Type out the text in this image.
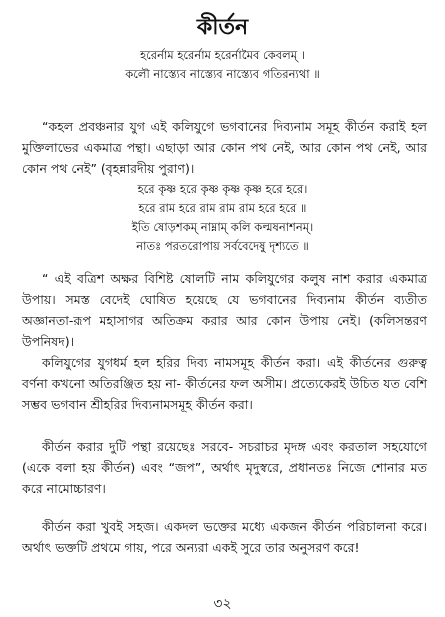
কীর্তন
হরের্নাম হরের্নাম হরের্নামৈব কেবলম্‌ ।
কলৌ নাস্ত্যেব নাস্ত্যেব নাস্ত্যেব গতিরন্যথা ॥

“কহল প্রবঞ্চনার যুগ এই কলিযুগে ভগবানের দিব্যনাম সমূহ কীর্তন করাই হল মুক্তিলাভের একমাত্র পন্থা। এছাড়া আর কোন পথ নেই, আর কোন পথ নেই, আর কোন পথ নেই” (বৃহন্নারদীয় পুরাণ)।

হরে কৃষ্ণ হরে কৃষ্ণ কৃষ্ণ কৃষ্ণ হরে হরে।
হরে রাম হরে রাম রাম রাম হরে হরে ॥
ইতি ষোড়শকম্‌ নাম্নাম্‌ কলি কল্মষনাশনম্‌।
নাতঃ পরতরোপায় সর্ববেদেষু দৃশ্যতে ॥

“ এই বত্রিশ অক্ষর বিশিষ্ট ষোলটি নাম কলিযুগের কলুষ নাশ করার একমাত্র উপায়। সমস্ত বেদেই ঘোষিত হয়েছে যে ভগবানের দিব্যনাম কীর্তন ব্যতীত অজ্ঞানতা-রূপ মহাসাগর অতিক্রম করার আর কোন উপায় নেই। (কলিসন্তরণ উপনিষদ)।

কলিযুগের যুগধর্ম হল হরির দিব্য নামসমূহ কীর্তন করা। এই কীর্তনের গুরুত্ব বর্ণনা কখনো অতিরঞ্জিত হয় না- কীর্তনের ফল অসীম। প্রত্যেকেরই উচিত যত বেশি সম্ভব ভগবান শ্রীহরির দিব্যনামসমূহ কীর্তন করা।

কীর্তন করার দুটি পন্থা রয়েছেঃ সরবে- সচরাচর মৃদঙ্গ এবং করতাল সহযোগে (একে বলা হয় কীর্তন) এবং “জপ”, অর্থাৎ মৃদুস্বরে, প্রধানতঃ নিজে শোনার মত করে নামোচ্চারণ।

কীর্তন করা খুবই সহজ। একদল ভক্তের মধ্যে একজন কীর্তন পরিচালনা করে। অর্থাৎ ভক্তটি প্রথমে গায়, পরে অন্যরা একই সুরে তার অনুসরণ করে!

৩২
